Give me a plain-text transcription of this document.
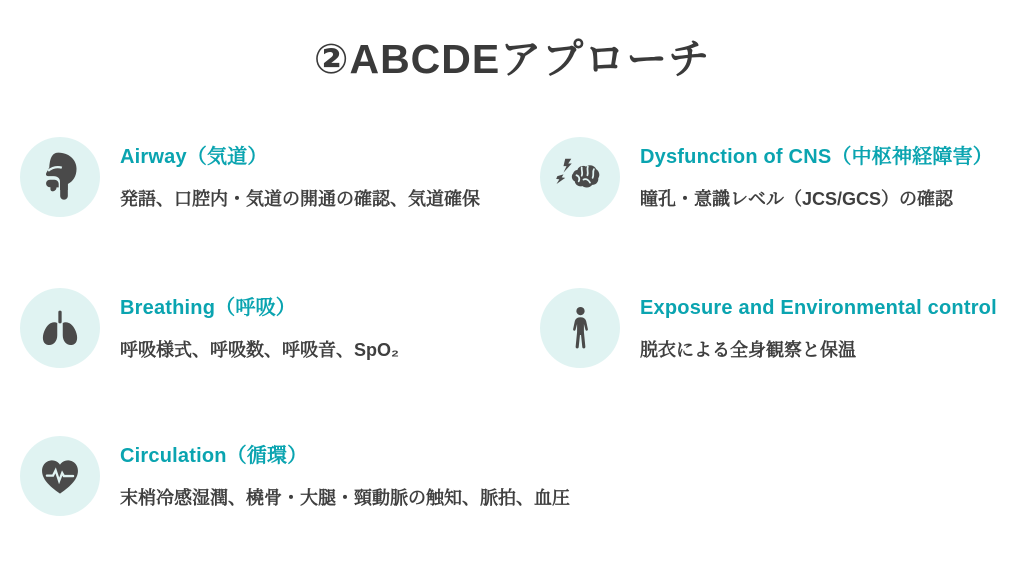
②ABCDEアプローチ
Airway（気道）

発語、口腔内・気道の開通の確認、気道確保

Breathing（呼吸）

呼吸様式、呼吸数、呼吸音、SpO₂

Circulation（循環）

末梢冷感湿潤、橈骨・大腿・頸動脈の触知、脈拍、血圧

Dysfunction of CNS（中枢神経障害）

瞳孔・意識レベル（JCS/GCS）の確認

Exposure and Environmental control

脱衣による全身観察と保温
